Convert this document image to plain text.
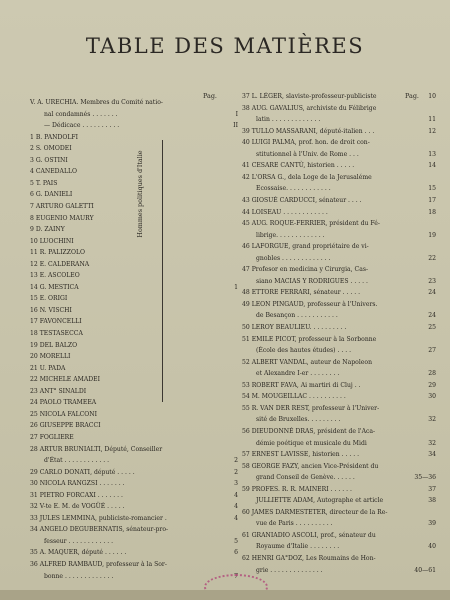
TABLE DES MATIÈRES
Pag.	Pag.
V. A. URECHIA. Membres du Comité natio-
nal condamnés . . . . . . .	I
— Dédicace . . . . . . . . . .	II
1 B. PANDOLFI
2 S. OMODEI
3 G. OSTINI
4 CANEDALLO
5 T. PAIS
6 G. DANIELI
7 ARTURO GALETTI
8 EUGENIO MAURY
9 D. ZAINY
10 LUOCHINI
11 R. PALIZZOLO
12 E. CALDERANA
13 E. ASCOLEO
14 G. MESTICA	1
15 E. ORIGI
16 N. VISCHI
17 FAVONCELLI
18 TESTASECCA
19 DEL BALZO
20 MORELLI
21 U. PADA
22 MICHELE AMADEI
23 ANT° SINALDI
24 PAOLO TRAMEEA
25 NICOLA FALCONI
26 GIUSEPPE BRACCI
27 FOGLIERE
28 ARTUR BRUNIALTI, Député, Conseiller
d'État . . . . . . . . . . . .	2
29 CARLO DONATI, député . . . . .	2
30 NICOLA RANGZSI . . . . . . .	3
31 PIETRO FORCAXI . . . . . . .	4
32 V-te E. M. de VOGÜÉ . . . . .	4
33 JULES LEMMINA, publiciste-romancier .	4
34 ANGELO DEGUBERNATIS, sénateur-pro-
fesseur . . . . . . . . . . . .	5
35 A. MAQUER, député . . . . . .	6
36 ALFRED RAMBAUD, professeur à la Sor-
bonne . . . . . . . . . . . . .	7
37 L. LÉGER, slaviste-professeur-publiciste	10
38 AUG. GAVALIUS, archiviste du Félibrige
latin . . . . . . . . . . . . .	11
39 TULLO MASSARANI, député-italien . . .	12
40 LUIGI PALMA, prof. hon. de droit con-
stitutionnel à l'Univ. de Rome . . .	13
41 CESARE CANTÙ, historien . . . . .	14
42 L'ORSA G., dela Loge de la Jerusaléme
Ecossaise. . . . . . . . . . . .	15
43 GIOSUÉ CARDUCCI, sénateur . . . .	17
44 LOISEAU . . . . . . . . . . . .	18
45 AUG. ROQUE-FERRIER, président du Fé-
librige. . . . . . . . . . . . .	19
46 LAFORGUE, grand propriétaire de vi-
gnobles . . . . . . . . . . . . .	22
47 Profesor en medicina y Cirurgia, Cas-
siano MACIAS Y RODRIGUES . . . . .	23
48 ETTORE FERRARI, sénateur . . . . .	24
49 LEON PINGAUD, professeur à l'Univers.
de Besançon . . . . . . . . . . .	24
50 LEROY BEAULIEU. . . . . . . . . .	25
51 EMILE PICOT, professeur à la Sorbonne
(École des hautes études) . . . .	27
52 ALBERT VANDAL, auteur de Napoleon
et Alexandre I-er . . . . . . . .	28
53 ROBERT FAVA, Ai martiri di Cluj . .	29
54 M. MOUGEILLAC . . . . . . . . . .	30
55 R. VAN DER REST, professeur à l'Univer-
sité de Bruxelles. . . . . . . . .	32
56 DIEUDONNÉ DRAS, président de l'Aca-
démie poétique et musicale du Midi	32
57 ERNEST LAVISSE, historien . . . . .	34
58 GEORGE FAZY, ancien Vice-Président du
grand Conseil de Genève. . . . . .	35—36
59 PROFES. R. R. MAINERI . . . . . .	37
JULLIETTE ADAM, Autographe et article	38
60 JAMES DARMESTETER, directeur de la Re-
vue de Paris . . . . . . . . . .	39
61 GRANIADIO ASCOLI, prof., sénateur du
Royaume d'Italie . . . . . . . .	40
62 HENRI GA°DOZ, Les Roumains de Hon-
grie . . . . . . . . . . . . . .	40—61
Hommes politiques d'Italie
